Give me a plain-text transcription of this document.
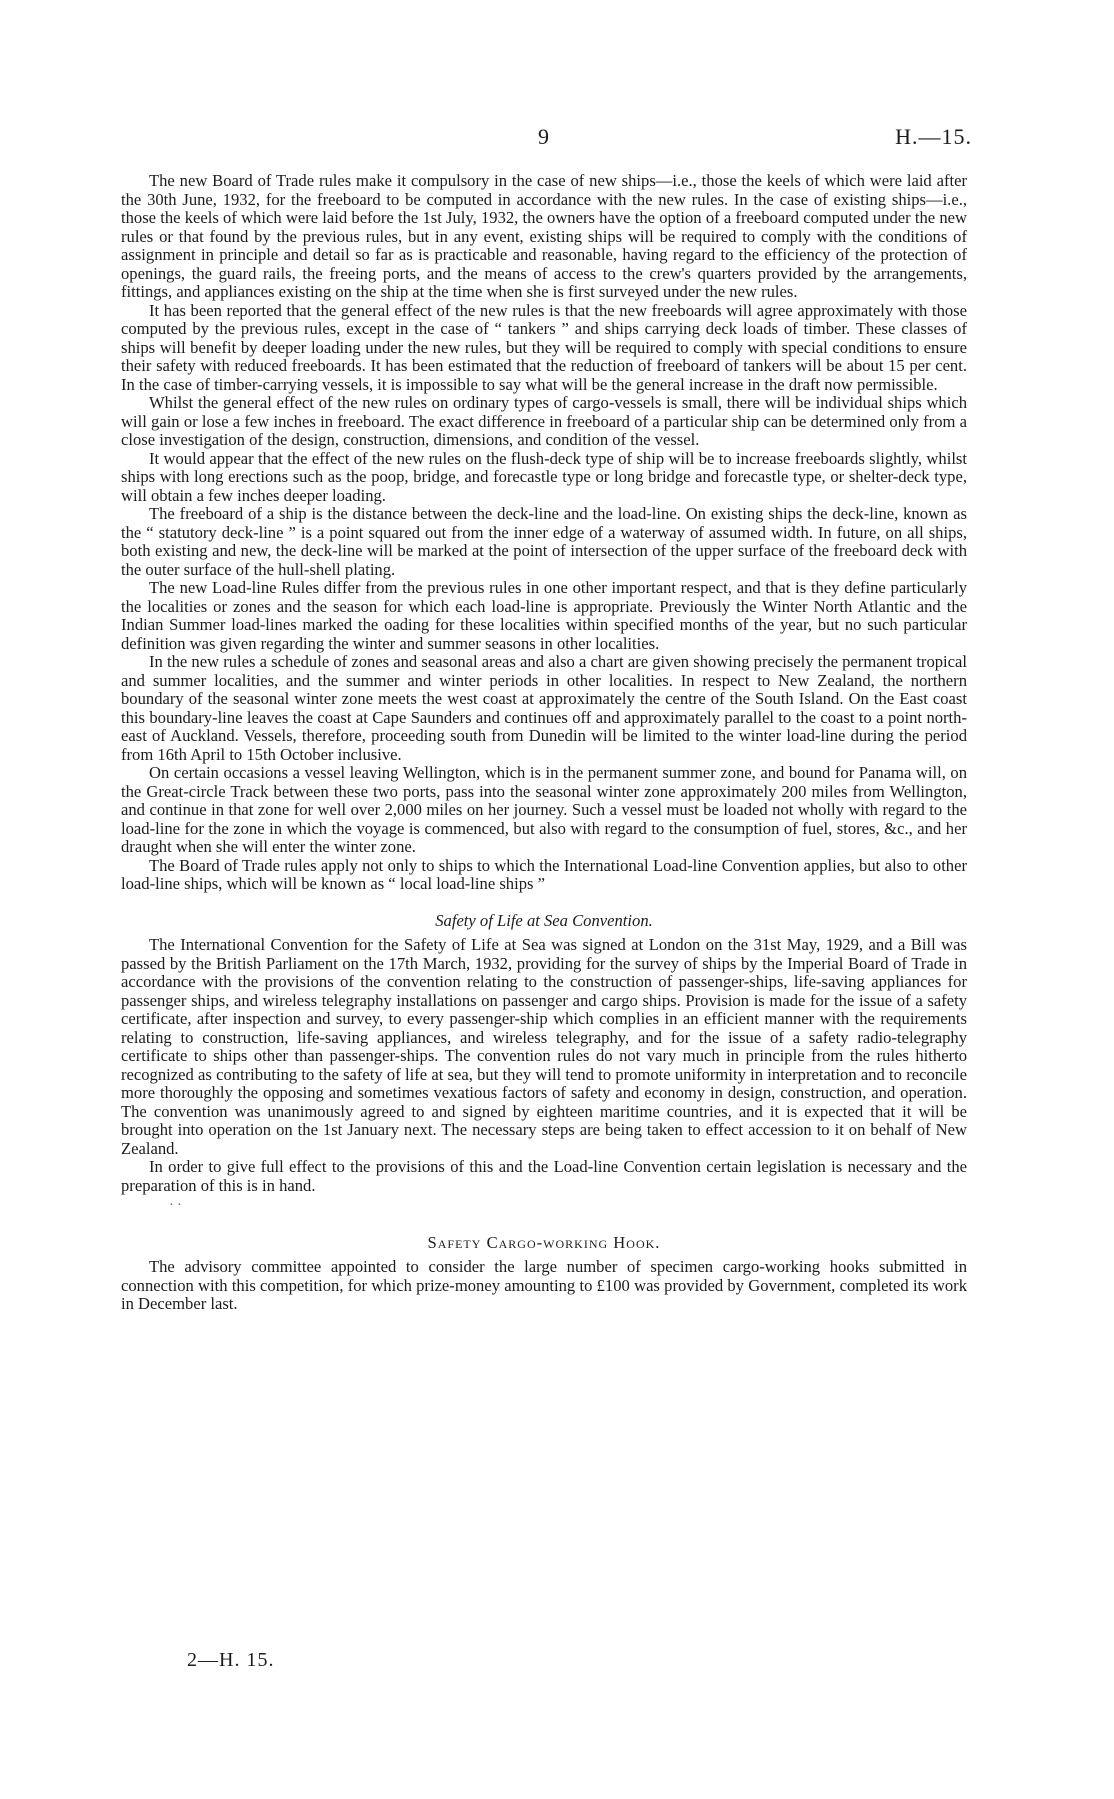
9	H.—15.

The new Board of Trade rules make it compulsory in the case of new ships—i.e., those the keels of which were laid after the 30th June, 1932, for the freeboard to be computed in accordance with the new rules. In the case of existing ships—i.e., those the keels of which were laid before the 1st July, 1932, the owners have the option of a freeboard computed under the new rules or that found by the previous rules, but in any event, existing ships will be required to comply with the conditions of assignment in principle and detail so far as is practicable and reasonable, having regard to the efficiency of the protection of openings, the guard rails, the freeing ports, and the means of access to the crew's quarters provided by the arrangements, fittings, and appliances existing on the ship at the time when she is first surveyed under the new rules.

It has been reported that the general effect of the new rules is that the new freeboards will agree approximately with those computed by the previous rules, except in the case of “ tankers ” and ships carrying deck loads of timber. These classes of ships will benefit by deeper loading under the new rules, but they will be required to comply with special conditions to ensure their safety with reduced freeboards. It has been estimated that the reduction of freeboard of tankers will be about 15 per cent. In the case of timber-carrying vessels, it is impossible to say what will be the general increase in the draft now permissible.

Whilst the general effect of the new rules on ordinary types of cargo-vessels is small, there will be individual ships which will gain or lose a few inches in freeboard. The exact difference in freeboard of a particular ship can be determined only from a close investigation of the design, construction, dimensions, and condition of the vessel.

It would appear that the effect of the new rules on the flush-deck type of ship will be to increase freeboards slightly, whilst ships with long erections such as the poop, bridge, and forecastle type or long bridge and forecastle type, or shelter-deck type, will obtain a few inches deeper loading.

The freeboard of a ship is the distance between the deck-line and the load-line. On existing ships the deck-line, known as the “ statutory deck-line ” is a point squared out from the inner edge of a waterway of assumed width. In future, on all ships, both existing and new, the deck-line will be marked at the point of intersection of the upper surface of the freeboard deck with the outer surface of the hull-shell plating.

The new Load-line Rules differ from the previous rules in one other important respect, and that is they define particularly the localities or zones and the season for which each load-line is appropriate. Previously the Winter North Atlantic and the Indian Summer load-lines marked the oading for these localities within specified months of the year, but no such particular definition was given regarding the winter and summer seasons in other localities.

In the new rules a schedule of zones and seasonal areas and also a chart are given showing precisely the permanent tropical and summer localities, and the summer and winter periods in other localities. In respect to New Zealand, the northern boundary of the seasonal winter zone meets the west coast at approximately the centre of the South Island. On the East coast this boundary-line leaves the coast at Cape Saunders and continues off and approximately parallel to the coast to a point north-east of Auckland. Vessels, therefore, proceeding south from Dunedin will be limited to the winter load-line during the period from 16th April to 15th October inclusive.

On certain occasions a vessel leaving Wellington, which is in the permanent summer zone, and bound for Panama will, on the Great-circle Track between these two ports, pass into the seasonal winter zone approximately 200 miles from Wellington, and continue in that zone for well over 2,000 miles on her journey. Such a vessel must be loaded not wholly with regard to the load-line for the zone in which the voyage is commenced, but also with regard to the consumption of fuel, stores, &c., and her draught when she will enter the winter zone.

The Board of Trade rules apply not only to ships to which the International Load-line Convention applies, but also to other load-line ships, which will be known as “ local load-line ships ”

Safety of Life at Sea Convention.

The International Convention for the Safety of Life at Sea was signed at London on the 31st May, 1929, and a Bill was passed by the British Parliament on the 17th March, 1932, providing for the survey of ships by the Imperial Board of Trade in accordance with the provisions of the convention relating to the construction of passenger-ships, life-saving appliances for passenger ships, and wireless telegraphy installations on passenger and cargo ships. Provision is made for the issue of a safety certificate, after inspection and survey, to every passenger-ship which complies in an efficient manner with the requirements relating to construction, life-saving appliances, and wireless telegraphy, and for the issue of a safety radio-telegraphy certificate to ships other than passenger-ships. The convention rules do not vary much in principle from the rules hitherto recognized as contributing to the safety of life at sea, but they will tend to promote uniformity in interpretation and to reconcile more thoroughly the opposing and sometimes vexatious factors of safety and economy in design, construction, and operation. The convention was unanimously agreed to and signed by eighteen maritime countries, and it is expected that it will be brought into operation on the 1st January next. The necessary steps are being taken to effect accession to it on behalf of New Zealand.

In order to give full effect to the provisions of this and the Load-line Convention certain legislation is necessary and the preparation of this is in hand.

· ·
Safety Cargo-working Hook.

The advisory committee appointed to consider the large number of specimen cargo-working hooks submitted in connection with this competition, for which prize-money amounting to £100 was provided by Government, completed its work in December last.

2—H. 15.
